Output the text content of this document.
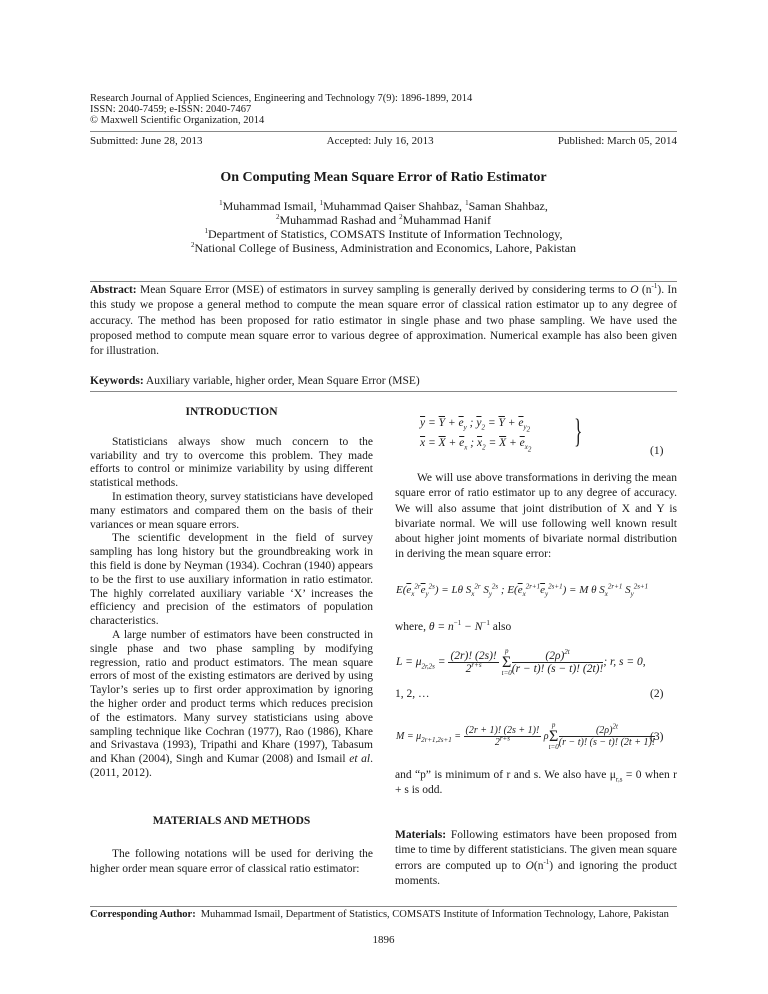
Research Journal of Applied Sciences, Engineering and Technology 7(9): 1896-1899, 2014
ISSN: 2040-7459; e-ISSN: 2040-7467
© Maxwell Scientific Organization, 2014
Submitted: June 28, 2013	Accepted: July 16, 2013	Published: March 05, 2014
On Computing Mean Square Error of Ratio Estimator
$^1$Muhammad Ismail, $^1$Muhammad Qaiser Shahbaz, $^1$Saman Shahbaz,
$^2$Muhammad Rashad and $^2$Muhammad Hanif
$^1$Department of Statistics, COMSATS Institute of Information Technology,
$^2$National College of Business, Administration and Economics, Lahore, Pakistan
Abstract: Mean Square Error (MSE) of estimators in survey sampling is generally derived by considering terms to O $(n^{-1})$. In this study we propose a general method to compute the mean square error of classical ration estimator up to any degree of accuracy. The method has been proposed for ratio estimator in single phase and two phase sampling. We have used the proposed method to compute mean square error to various degree of approximation. Numerical example has also been given for illustration.
Keywords: Auxiliary variable, higher order, Mean Square Error (MSE)
INTRODUCTION

Statisticians always show much concern to the variability and try to overcome this problem. They made efforts to control or minimize variability by using different statistical methods.

In estimation theory, survey statisticians have developed many estimators and compared them on the basis of their variances or mean square errors.

The scientific development in the field of survey sampling has long history but the groundbreaking work in this field is done by Neyman (1934). Cochran (1940) appears to be the first to use auxiliary information in ratio estimator. The highly correlated auxiliary variable ‘X’ increases the efficiency and precision of the estimators of population characteristics.

A large number of estimators have been constructed in single phase and two phase sampling by modifying regression, ratio and product estimators. The mean square errors of most of the existing estimators are derived by using Taylor’s series up to first order approximation by ignoring the higher order and product terms which reduces precision of the estimators. Many survey statisticians using above sampling technique like Cochran (1977), Rao (1986), Khare and Srivastava (1993), Tripathi and Khare (1997), Tabasum and Khan (2004), Singh and Kumar (2008) and Ismail et al. (2011, 2012).

MATERIALS AND METHODS

The following notations will be used for deriving the higher order mean square error of classical ratio estimator:

$\overline{y} = \overline{Y} + \overline{e}_y$ ; $\overline{y}_2 = \overline{Y} + \overline{e}_{y_2}$
$\overline{x} = \overline{X} + \overline{e}_x$ ; $\overline{x}_2 = \overline{X} + \overline{e}_{x_2}$ }
(1)

We will use above transformations in deriving the mean square error of ratio estimator up to any degree of accuracy. We will also assume that joint distribution of X and Y is bivariate normal. We will use following well known result about higher joint moments of bivariate normal distribution in deriving the mean square error:

$E(\overline{e}_x^{2r}\overline{e}_y^{2s}) = L\theta$ $S_x^{2r}$ $S_y^{2s}$ ; $E(\overline{e}_x^{2r+1}\overline{e}_y^{2s+1}) = M$ θ $S_x^{2r+1}$ $S_y^{2s+1}$
where, $\theta = n^{-1} - N^{-1}$ also
$L = \mu_{2r,2s} = \frac{(2r)! (2s)!}{2^{r+s}}$ p
Σ
$t=0 \frac{(2\rho)^{2t}}{(r - t)! (s - t)! (2t)!}$ ; r, s = 0,
1, 2, …	(2)
$M = \mu_{2r+1,2s+1} = \frac{(2r + 1)! (2s + 1)!}{2^{r+s}}$ ρp
Σ
$t=0 \frac{(2\rho)^{2t}}{(r - t)! (s - t)! (2t + 1)!}$
(3)
and “p” is minimum of r and s. We also have $\mu_{r,s} = 0$ when r + s is odd.
Materials: Following estimators have been proposed from time to time by different statisticians. The given mean square errors are computed up to $O(n^{-1})$ and ignoring the product moments.
Corresponding Author: Muhammad Ismail, Department of Statistics, COMSATS Institute of Information Technology, Lahore, Pakistan
1896
